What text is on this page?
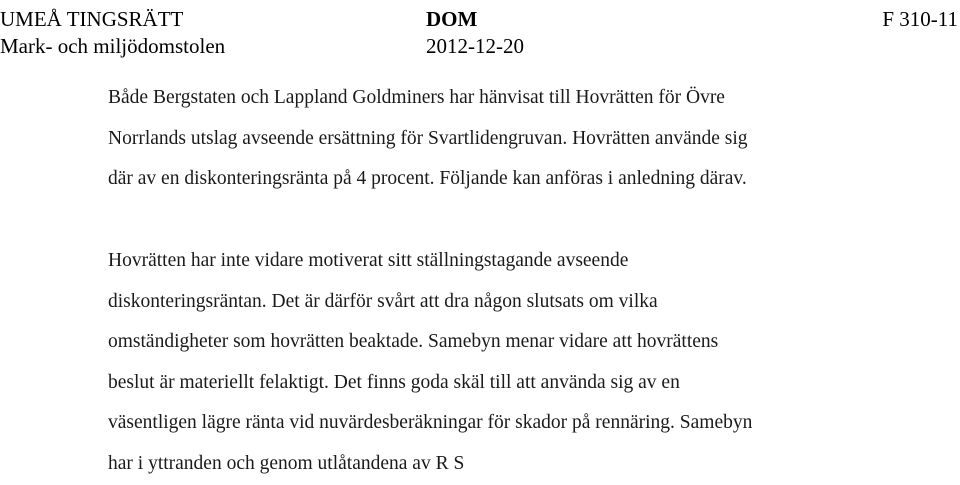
UMEÅ TINGSRÄTT	DOM	F 310-11
Mark- och miljödomstolen	2012-12-20
Både Bergstaten och Lappland Goldminers har hänvisat till Hovrätten för Övre
Norrlands utslag avseende ersättning för Svartlidengruvan. Hovrätten använde sig
där av en diskonteringsränta på 4 procent. Följande kan anföras i anledning därav.
Hovrätten har inte vidare motiverat sitt ställningstagande avseende
diskonteringsräntan. Det är därför svårt att dra någon slutsats om vilka
omständigheter som hovrätten beaktade. Samebyn menar vidare att hovrättens
beslut är materiellt felaktigt. Det finns goda skäl till att använda sig av en
väsentligen lägre ränta vid nuvärdesberäkningar för skador på rennäring. Samebyn
har i yttranden och genom utlåtandena av R S
